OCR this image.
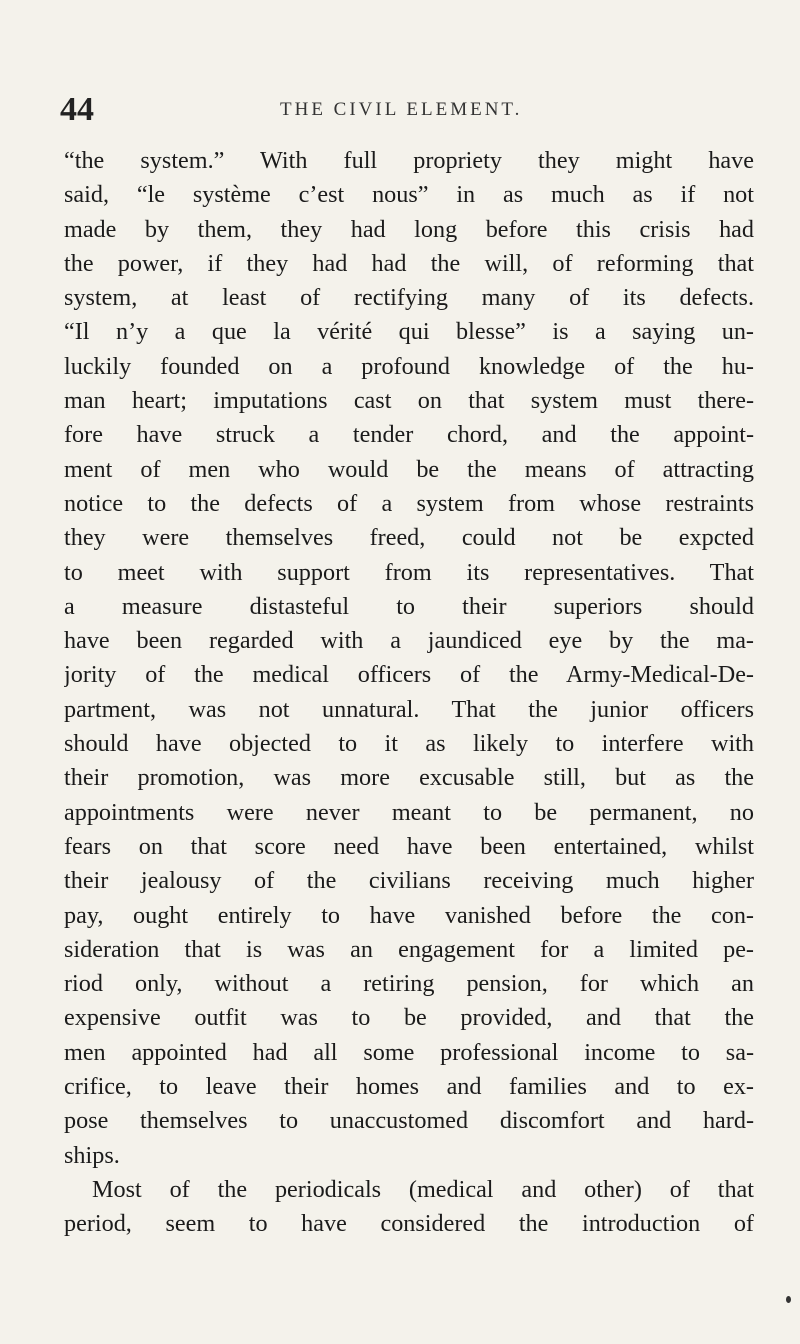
44	THE CIVIL ELEMENT.
“the system.” With full propriety they might have
said, “le système c’est nous” in as much as if not
made by them, they had long before this crisis had
the power, if they had had the will, of reforming that
system, at least of rectifying many of its defects.
“Il n’y a que la vérité qui blesse” is a saying un-
luckily founded on a profound knowledge of the hu-
man heart; imputations cast on that system must there-
fore have struck a tender chord, and the appoint-
ment of men who would be the means of attracting
notice to the defects of a system from whose restraints
they were themselves freed, could not be expcted
to meet with support from its representatives. That
a measure distasteful to their superiors should
have been regarded with a jaundiced eye by the ma-
jority of the medical officers of the Army-Medical-De-
partment, was not unnatural. That the junior officers
should have objected to it as likely to interfere with
their promotion, was more excusable still, but as the
appointments were never meant to be permanent, no
fears on that score need have been entertained, whilst
their jealousy of the civilians receiving much higher
pay, ought entirely to have vanished before the con-
sideration that is was an engagement for a limited pe-
riod only, without a retiring pension, for which an
expensive outfit was to be provided, and that the
men appointed had all some professional income to sa-
crifice, to leave their homes and families and to ex-
pose themselves to unaccustomed discomfort and hard-
ships.
Most of the periodicals (medical and other) of that
period, seem to have considered the introduction of
